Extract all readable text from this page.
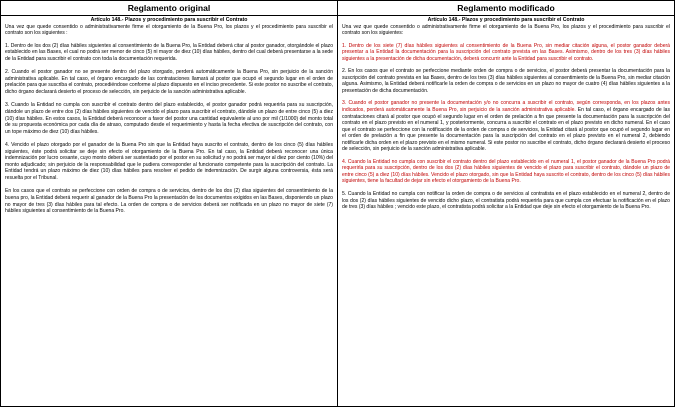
Reglamento original
Artículo 148.- Plazos y procedimiento para suscribir el Contrato

Una vez que quede consentido o administrativamente firme el otorgamiento de la Buena Pro, los plazos y el procedimiento para suscribir el contrato son los siguientes :

1. Dentro de los dos (2) días hábiles siguientes al consentimiento de la Buena Pro, la Entidad deberá citar al postor ganador, otorgándole el plazo establecido en las Bases, el cual no podrá ser menor de cinco (5) ni mayor de diez (10) días hábiles, dentro del cual deberá presentarse a la sede de la Entidad para suscribir el contrato con toda la documentación requerida.

2. Cuando el postor ganador no se presente dentro del plazo otorgado, perderá automáticamente la Buena Pro, sin perjuicio de la sanción administrativa aplicable. En tal caso, el órgano encargado de las contrataciones llamará al postor que ocupó el segundo lugar en el orden de prelación para que suscriba el contrato, procediéndose conforme al plazo dispuesto en el inciso precedente. Si este postor no suscribe el contrato, dicho órgano declarará desierto el proceso de selección, sin perjuicio de la sanción administrativa aplicable.

3. Cuando la Entidad no cumpla con suscribir el contrato dentro del plazo establecido, el postor ganador podrá requerirla para su suscripción, dándole un plazo de entre dos (2) días hábiles siguientes de vencido el plazo para suscribir el contrato, dándole un plazo de entre cinco (5) a diez (10) días hábiles. En estos casos, la Entidad deberá reconocer a favor del postor una cantidad equivalente al uno por mil (1/1000) del monto total de su propuesta económica por cada día de atraso, computado desde el requerimiento y hasta la fecha efectiva de suscripción del contrato, con un tope máximo de diez (10) días hábiles.

4. Vencido el plazo otorgado por el ganador de la Buena Pro sin que la Entidad haya suscrito el contrato, dentro de los cinco (5) días hábiles siguientes, éste podrá solicitar se deje sin efecto el otorgamiento de la Buena Pro. En tal caso, la Entidad deberá reconocer una única indemnización por lucro cesante, cuyo monto deberá ser sustentado por el postor en su solicitud y no podrá ser mayor al diez por ciento (10%) del monto adjudicado; sin perjuicio de la responsabilidad que le pudiera corresponder al funcionario competente para la suscripción del contrato. La Entidad tendrá un plazo máximo de diez (10) días hábiles para resolver el pedido de indemnización. De surgir alguna controversia, ésta será resuelta por el Tribunal.

En los casos que el contrato se perfeccione con orden de compra o de servicios, dentro de los dos (2) días siguientes del consentimiento de la buena pro, la Entidad deberá requerir al ganador de la Buena Pro la presentación de los documentos exigidos en las Bases, disponiendo un plazo no mayor de tres (3) días hábiles para tal efecto. La orden de compra o de servicios deberá ser notificada en un plazo no mayor de siete (7) hábiles siguientes al consentimiento de la Buena Pro.

Reglamento modificado
Artículo 148.- Plazos y procedimiento para suscribir el Contrato

Una vez que quede consentido o administrativamente firme el otorgamiento de la Buena Pro, los plazos y el procedimiento para suscribir el contrato son los siguientes:

1. Dentro de los siete (7) días hábiles siguientes al consentimiento de la Buena Pro, sin mediar citación alguna, el postor ganador deberá presentar a la Entidad la documentación para la suscripción del contrato prevista en las Bases. Asimismo, dentro de los tres (3) días hábiles siguientes a la presentación de dicha documentación, deberá concurrir ante la Entidad para suscribir el contrato.

2. En los casos que el contrato se perfeccione mediante orden de compra o de servicios, el postor deberá presentar la documentación para la suscripción del contrato prevista en las Bases, dentro de los tres (3) días hábiles siguientes al consentimiento de la Buena Pro, sin mediar citación alguna. Asimismo, la Entidad deberá notificarle la orden de compra o de servicios en un plazo no mayor de cuatro (4) días hábiles siguientes a la presentación de dicha documentación.

3. Cuando el postor ganador no presente la documentación y/o no concurra a suscribir el contrato, según corresponda, en los plazos antes indicados, perderá automáticamente la Buena Pro, sin perjuicio de la sanción administrativa aplicable. En tal caso, el órgano encargado de las contrataciones citará al postor que ocupó el segundo lugar en el orden de prelación a fin que presente la documentación para la suscripción del contrato en el plazo previsto en el numeral 1, y posteriormente, concurra a suscribir el contrato en el plazo previsto en dicho numeral. En el caso que el contrato se perfeccione con la notificación de la orden de compra o de servicios, la Entidad citará al postor que ocupó el segundo lugar en el orden de prelación a fin que presente la documentación para la suscripción del contrato en el plazo previsto en el numeral 2, debiendo notificarle dicha orden en el plazo previsto en el mismo numeral. Si este postor no suscribe el contrato, dicho órgano declarará desierto el proceso de selección, sin perjuicio de la sanción administrativa aplicable.

4. Cuando la Entidad no cumpla con suscribir el contrato dentro del plazo establecido en el numeral 1, el postor ganador de la Buena Pro podrá requerirla para su suscripción, dentro de los dos (2) días hábiles siguientes de vencido el plazo para suscribir el contrato, dándole un plazo de entre cinco (5) a diez (10) días hábiles. Vencido el plazo otorgado, sin que la Entidad haya suscrito el contrato, dentro de los cinco (5) días hábiles siguientes, tiene la facultad de dejar sin efecto el otorgamiento de la Buena Pro.

5. Cuando la Entidad no cumpla con notificar la orden de compra o de servicios al contratista en el plazo establecido en el numeral 2, dentro de los dos (2) días hábiles siguientes de vencido dicho plazo, el contratista podrá requerirla para que cumpla con efectuar la notificación en el plazo de tres (3) días hábiles ; vencido este plazo, el contratista podrá solicitar a la Entidad que deje sin efecto el otorgamiento de la Buena Pro.
